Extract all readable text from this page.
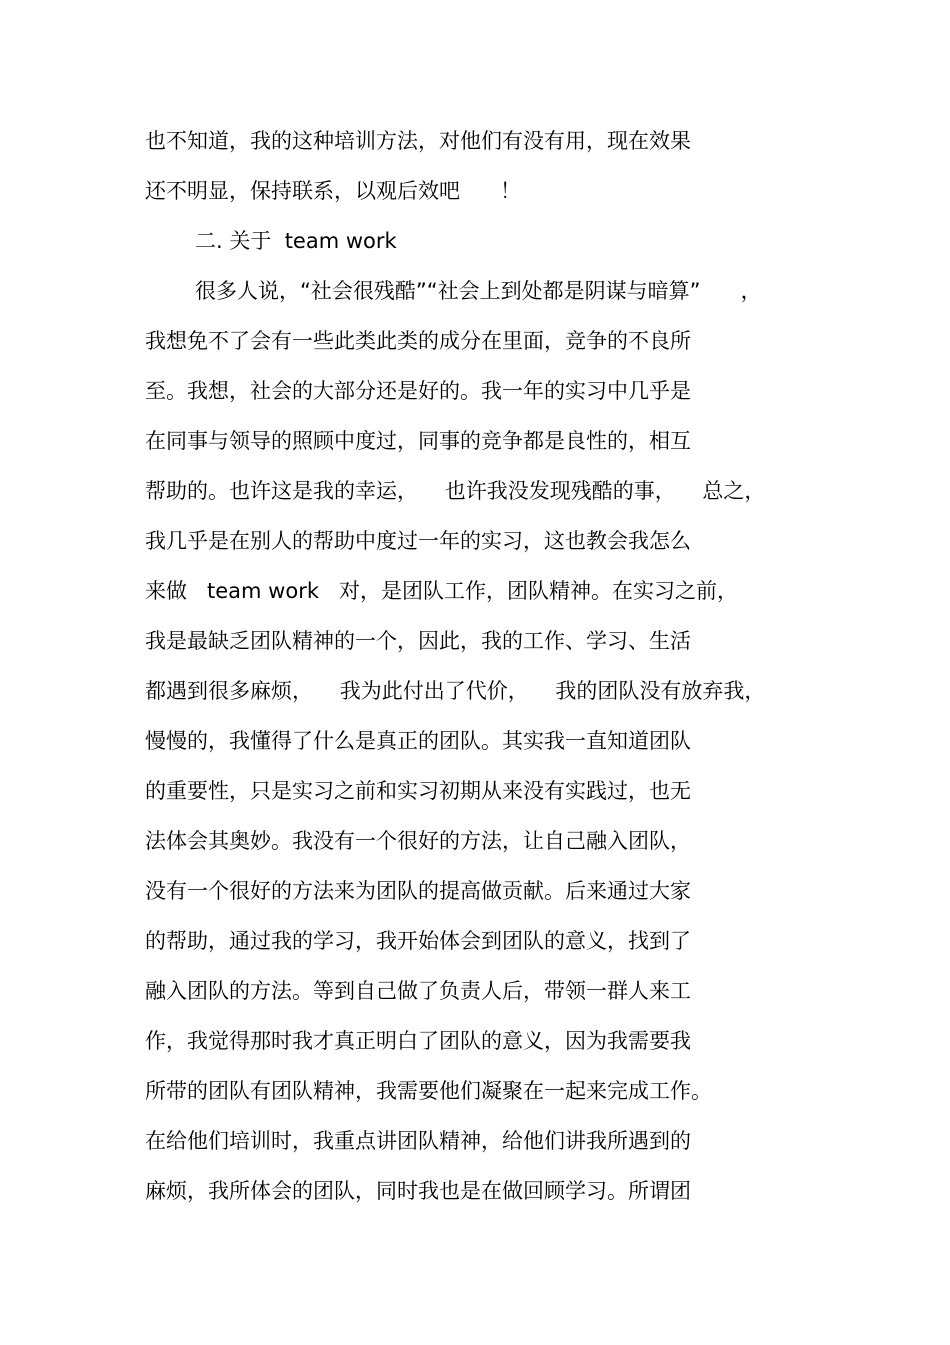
也不知道，我的这种培训方法，对他们有没有用，现在效果
还不明显，保持联系，以观后效吧      ！
二. 关于  team work
很多人说，“社会很残酷”“社会上到处都是阴谋与暗算”      ，
我想免不了会有一些此类此类的成分在里面，竞争的不良所
至。我想，社会的大部分还是好的。我一年的实习中几乎是
在同事与领导的照顾中度过，同事的竞争都是良性的，相互
帮助的。也许这是我的幸运，    也许我没发现残酷的事，    总之，
我几乎是在别人的帮助中度过一年的实习，这也教会我怎么
来做   team work   对，是团队工作，团队精神。在实习之前，
我是最缺乏团队精神的一个，因此，我的工作、学习、生活
都遇到很多麻烦，    我为此付出了代价，    我的团队没有放弃我，
慢慢的，我懂得了什么是真正的团队。其实我一直知道团队
的重要性，只是实习之前和实习初期从来没有实践过，也无
法体会其奥妙。我没有一个很好的方法，让自己融入团队，
没有一个很好的方法来为团队的提高做贡献。后来通过大家
的帮助，通过我的学习，我开始体会到团队的意义，找到了
融入团队的方法。等到自己做了负责人后，带领一群人来工
作，我觉得那时我才真正明白了团队的意义，因为我需要我
所带的团队有团队精神，我需要他们凝聚在一起来完成工作。
在给他们培训时，我重点讲团队精神，给他们讲我所遇到的
麻烦，我所体会的团队，同时我也是在做回顾学习。所谓团
